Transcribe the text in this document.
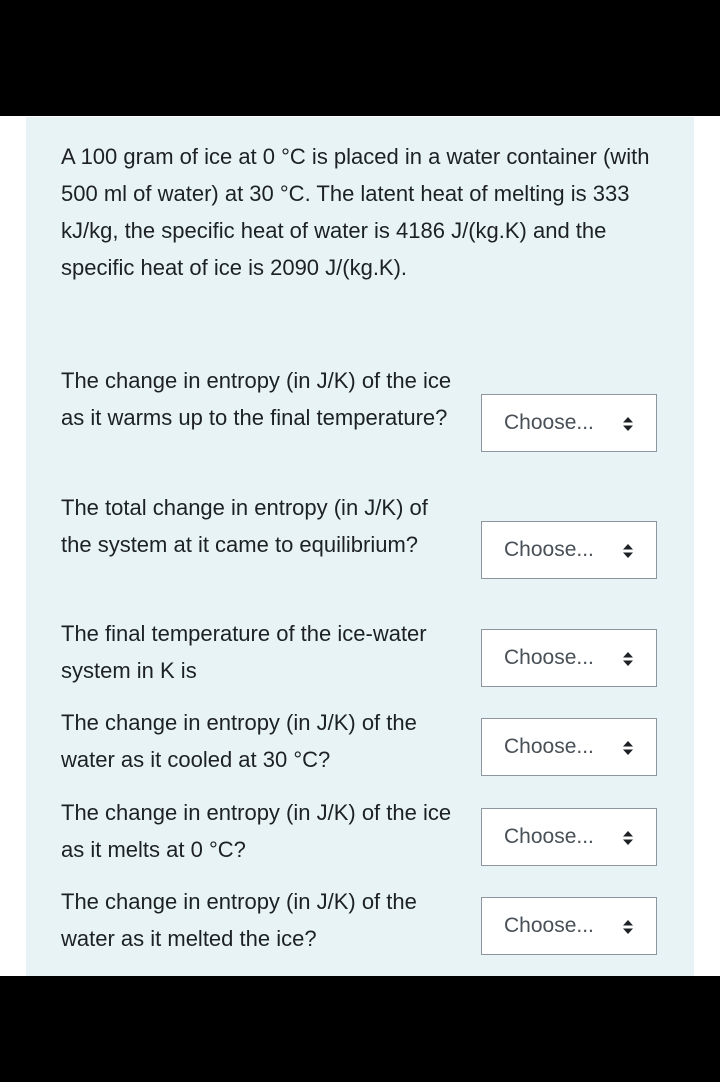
A 100 gram of ice at 0 °C is placed in a water container (with 500 ml of water) at 30 °C. The latent heat of melting is 333 kJ/kg, the specific heat of water is 4186 J/(kg.K) and the specific heat of ice is 2090 J/(kg.K).

The change in entropy (in J/K) of the ice as it warms up to the final temperature?	Choose...

The total change in entropy (in J/K) of the system at it came to equilibrium?	Choose...

The final temperature of the ice-water system in K is

Choose...

The change in entropy (in J/K) of the water as it cooled at 30 °C?

Choose...

The change in entropy (in J/K) of the ice as it melts at 0 °C?

Choose...

The change in entropy (in J/K) of the water as it melted the ice?

Choose...
